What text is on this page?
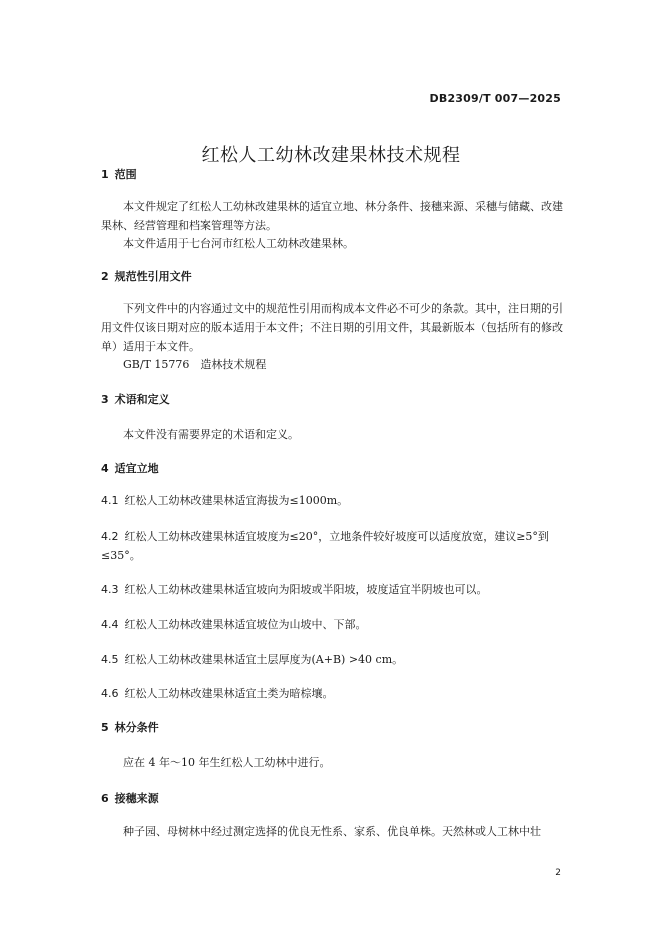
DB2309/T 007—2025
红松人工幼林改建果林技术规程
1 范围
本文件规定了红松人工幼林改建果林的适宜立地、林分条件、接穗来源、采穗与储藏、改建果林、经营管理和档案管理等方法。
本文件适用于七台河市红松人工幼林改建果林。
2 规范性引用文件
下列文件中的内容通过文中的规范性引用而构成本文件必不可少的条款。其中，注日期的引用文件仅该日期对应的版本适用于本文件；不注日期的引用文件，其最新版本（包括所有的修改单）适用于本文件。
GB/T 15776　造林技术规程
3 术语和定义
本文件没有需要界定的术语和定义。
4 适宜立地
4.1 红松人工幼林改建果林适宜海拔为≤1000m。
4.2 红松人工幼林改建果林适宜坡度为≤20°，立地条件较好坡度可以适度放宽，建议≥5°到≤35°。
4.3 红松人工幼林改建果林适宜坡向为阳坡或半阳坡，坡度适宜半阴坡也可以。
4.4 红松人工幼林改建果林适宜坡位为山坡中、下部。
4.5 红松人工幼林改建果林适宜土层厚度为(A+B) >40 cm。
4.6 红松人工幼林改建果林适宜土类为暗棕壤。
5 林分条件
应在 4 年～10 年生红松人工幼林中进行。
6 接穗来源
种子园、母树林中经过测定选择的优良无性系、家系、优良单株。天然林或人工林中壮
2
